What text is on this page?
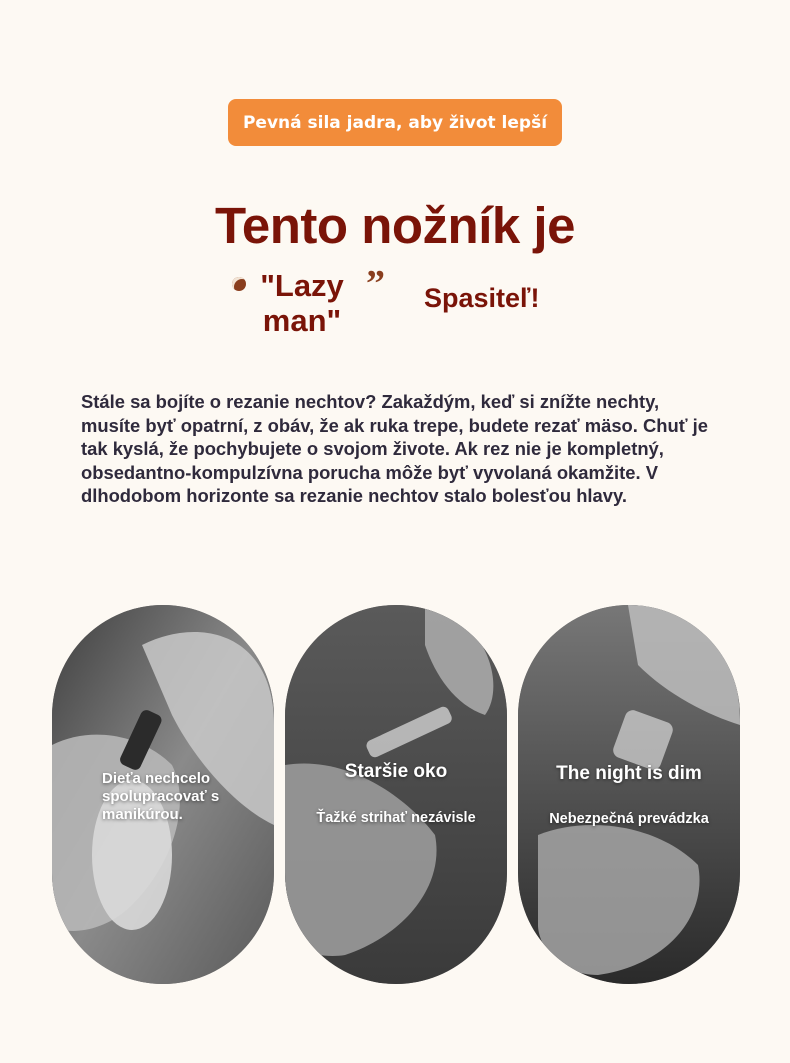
Pevná sila jadra, aby život lepší
Tento nožník je
"Lazy
man"
” Spasiteľ!
Stále sa bojíte o rezanie nechtov? Zakaždým, keď si znížte nechty, musíte byť opatrní, z obáv, že ak ruka trepe, budete rezať mäso. Chuť je tak kyslá, že pochybujete o svojom živote. Ak rez nie je kompletný, obsedantno-kompulzívna porucha môže byť vyvolaná okamžite. V dlhodobom horizonte sa rezanie nechtov stalo bolesťou hlavy.
Dieťa nechcelo spolupracovať s manikúrou.
Staršie oko
Ťažké strihať nezávisle
The night is dim
Nebezpečná prevádzka
